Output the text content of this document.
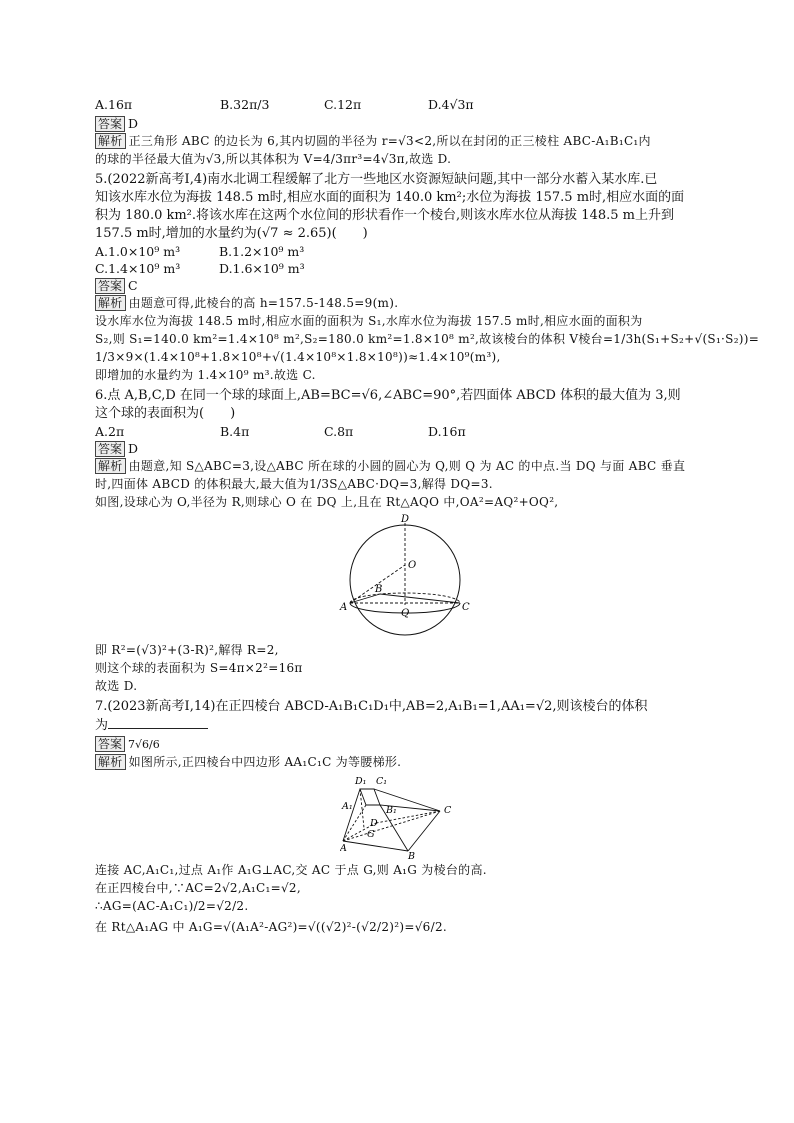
A.16π	B.32π/3	C.12π	D.4√3π
答案 D
解析 正三角形 ABC 的边长为 6,其内切圆的半径为 r=√3<2,所以在封闭的正三棱柱 ABC-A₁B₁C₁内
的球的半径最大值为√3,所以其体积为 V=4/3πr³=4√3π,故选 D.
5.(2022新高考Ⅰ,4)南水北调工程缓解了北方一些地区水资源短缺问题,其中一部分水蓄入某水库.已
知该水库水位为海拔 148.5 m时,相应水面的面积为 140.0 km²;水位为海拔 157.5 m时,相应水面的面
积为 180.0 km².将该水库在这两个水位间的形状看作一个棱台,则该水库水位从海拔 148.5 m上升到
157.5 m时,增加的水量约为(√7 ≈ 2.65)(　　)
A.1.0×10⁹ m³	B.1.2×10⁹ m³
C.1.4×10⁹ m³	D.1.6×10⁹ m³
答案 C
解析 由题意可得,此棱台的高 h=157.5-148.5=9(m).
设水库水位为海拔 148.5 m时,相应水面的面积为 S₁,水库水位为海拔 157.5 m时,相应水面的面积为
S₂,则 S₁=140.0 km²=1.4×10⁸ m²,S₂=180.0 km²=1.8×10⁸ m²,故该棱台的体积 V棱台=1/3h(S₁+S₂+√(S₁·S₂))=
1/3×9×(1.4×10⁸+1.8×10⁸+√(1.4×10⁸×1.8×10⁸))≈1.4×10⁹(m³),
即增加的水量约为 1.4×10⁹ m³.故选 C.
6.点 A,B,C,D 在同一个球的球面上,AB=BC=√6,∠ABC=90°,若四面体 ABCD 体积的最大值为 3,则
这个球的表面积为(　　)
A.2π	B.4π	C.8π	D.16π
答案 D
解析 由题意,知 S△ABC=3,设△ABC 所在球的小圆的圆心为 Q,则 Q 为 AC 的中点.当 DQ 与面 ABC 垂直
时,四面体 ABCD 的体积最大,最大值为1/3S△ABC·DQ=3,解得 DQ=3.
如图,设球心为 O,半径为 R,则球心 O 在 DQ 上,且在 Rt△AQO 中,OA²=AQ²+OQ²,
D
O
B
A
Q
C
即 R²=(√3)²+(3-R)²,解得 R=2,
则这个球的表面积为 S=4π×2²=16π
故选 D.
7.(2023新高考Ⅰ,14)在正四棱台 ABCD-A₁B₁C₁D₁中,AB=2,A₁B₁=1,AA₁=√2,则该棱台的体积
为
答案 7√6/6
解析 如图所示,正四棱台中四边形 AA₁C₁C 为等腰梯形.
D₁ C₁
A₁	B₁
D
C
G
A
B
连接 AC,A₁C₁,过点 A₁作 A₁G⊥AC,交 AC 于点 G,则 A₁G 为棱台的高.
在正四棱台中,∵AC=2√2,A₁C₁=√2,
∴AG=(AC-A₁C₁)/2=√2/2.
在 Rt△A₁AG 中 A₁G=√(A₁A²-AG²)=√((√2)²-(√2/2)²)=√6/2.
